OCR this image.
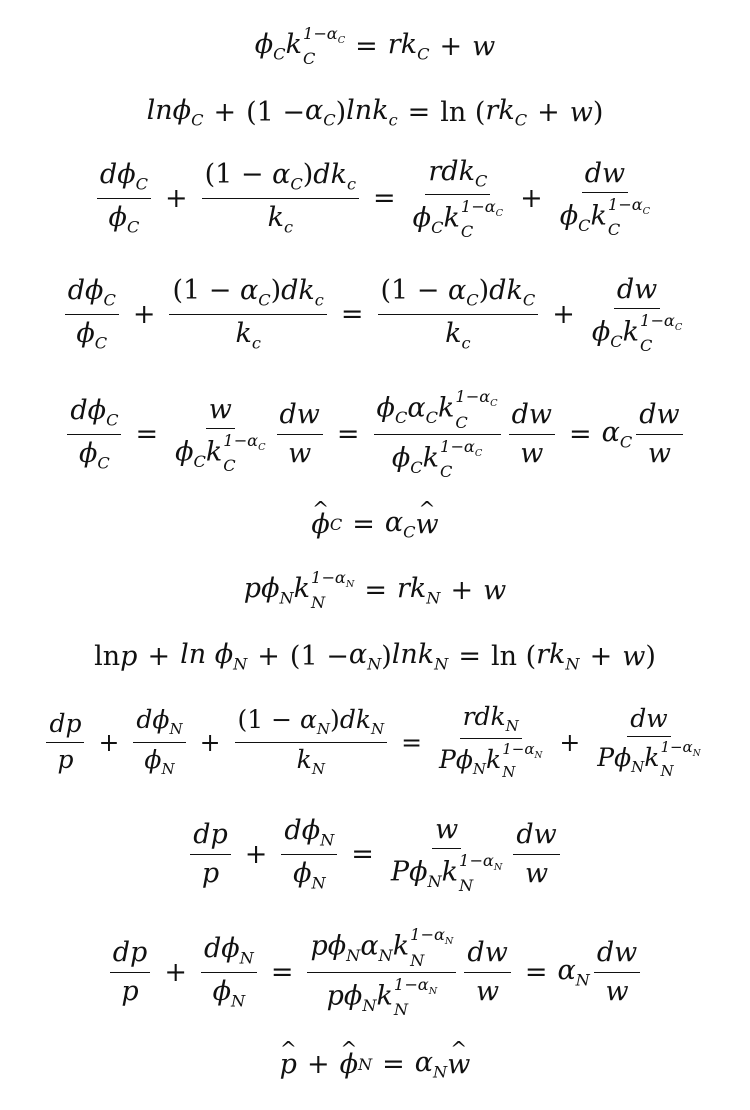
$\phi_Ck$ $1-\alpha_C$
C	= $rk_C + w$
$\ln\phi_C + (1 - \alpha_C$ ) lnk$_c$ = ln ( $rk_C + w$ )
$\frac{d\phi_C}{\phi_C} + \frac{(1 - \alpha_C)dk_c}{k_c} = rdk_C$
$\phi_Ck$ $1-\alpha_C$
C + dw
$\phi_Ck$ $1-\alpha_C$
C
$\frac{d\phi_C}{\phi_C} + \frac{(1 - \alpha_C)dk_c}{k_c} = \frac{(1 - \alpha_C)dk_C}{k_c}$ + dw
$\phi_Ck$ $1-\alpha_C$
C
$\frac{d\phi_C}{\phi_C} = w$
$\phi_Ck$ $1-\alpha_C$
C $\frac{dw}{w} = \phi_C\alpha_Ck$ $1-\alpha_C$
C
$\phi_Ck$ $1-\alpha_C$
C $\frac{dw}{w} = \alpha_C \frac{dw}{w}$
^ ϕ $C = \alpha_C$ ^ w
$p\phi_Nk$ $1-\alpha_N$
N	= $rk_N + w$
$\ln p + \ln \phi_N + (1 - \alpha_N$ ) lnk$_N$ = ln ( $rk_N + w$ )
$\frac{dp}{p} + \frac{d\phi_N}{\phi_N} + \frac{(1 - \alpha_N)dk_N}{k_N} = rdk_N$
$P\phi_Nk$ $1-\alpha_N$
N + dw
$P\phi_Nk$ $1-\alpha_N$
N
$\frac{dp}{p} + \frac{d\phi_N}{\phi_N} = w$
$P\phi_Nk$ $1-\alpha_N$
N $\frac{dw}{w}$
$\frac{dp}{p} + \frac{d\phi_N}{\phi_N} = p\phi_N\alpha_Nk$ $1-\alpha_N$
N
$p\phi_Nk$ $1-\alpha_N$
N $\frac{dw}{w} = \alpha_N \frac{dw}{w}$
^ p + ^ ϕ $N = \alpha_N$ ^ w
